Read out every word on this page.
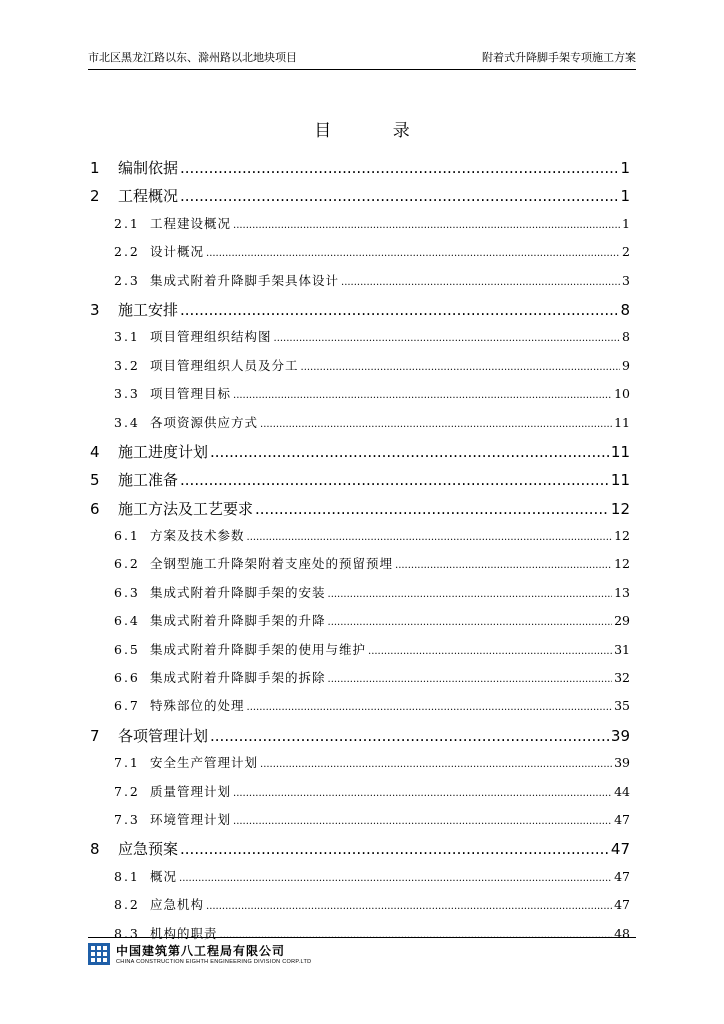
市北区黑龙江路以东、滁州路以北地块项目	附着式升降脚手架专项施工方案
目 录
1 编制依据 .....	1
2 工程概况 .....	1
2.1 工程建设概况 .....	1
2.2 设计概况 .....	2
2.3 集成式附着升降脚手架具体设计 .....	3
3 施工安排 .....	8
3.1 项目管理组织结构图 .....	8
3.2 项目管理组织人员及分工 .....	9
3.3 项目管理目标 .....	10
3.4 各项资源供应方式 .....	11
4 施工进度计划 .....	11
5 施工准备 .....	11
6 施工方法及工艺要求 .....	12
6.1 方案及技术参数 .....	12
6.2 全钢型施工升降架附着支座处的预留预埋 .....	12
6.3 集成式附着升降脚手架的安装 .....	13
6.4 集成式附着升降脚手架的升降 .....	29
6.5 集成式附着升降脚手架的使用与维护 .....	31
6.6 集成式附着升降脚手架的拆除 .....	32
6.7 特殊部位的处理 .....	35
7 各项管理计划 .....	39
7.1 安全生产管理计划 .....	39
7.2 质量管理计划 .....	44
7.3 环境管理计划 .....	47
8 应急预案 .....	47
8.1 概况 .....	47
8.2 应急机构 .....	47
8.3 机构的职责 .....	48
中国建筑第八工程局有限公司
CHINA CONSTRUCTION EIGHTH ENGINEERING DIVISION CORP.LTD
